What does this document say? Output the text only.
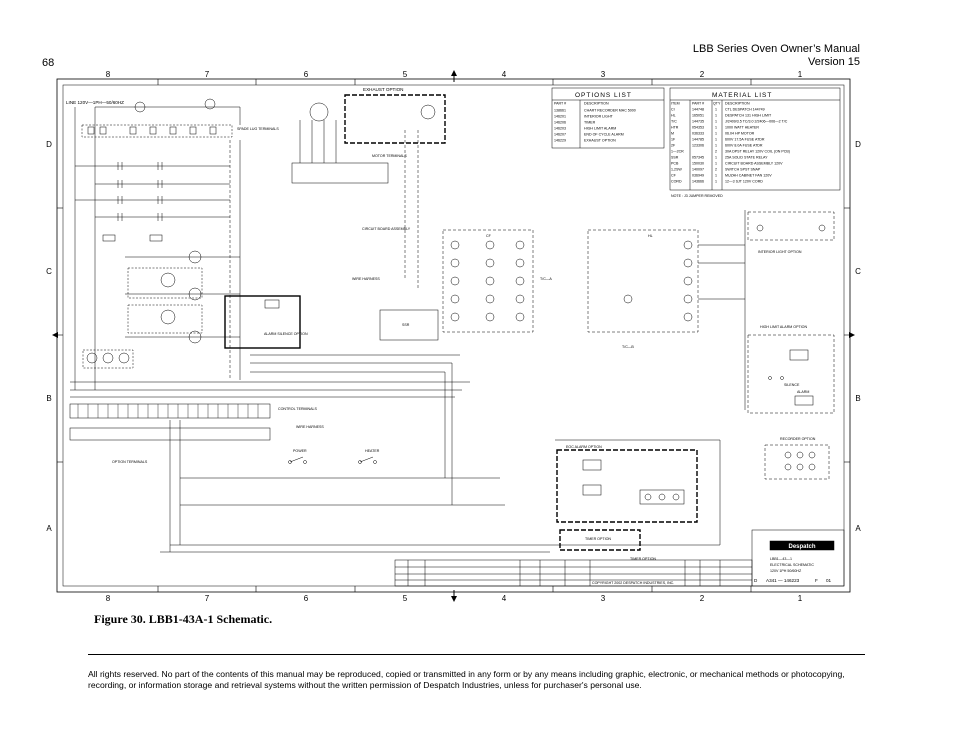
LBB Series Oven Owner’s Manual
Version 15
68
8	7	6	5	4	3	2	1
8	7	6	5	4	3	2	1
D
C
B
A
D
C
B
A
LINE 120V—1PH—50/60HZ
SPADE LUG TERMINALS
CONTROL TERMINALS
OPTION TERMINALS
WIRE HARNESS
POWER	HEATER
ALARM SILENCE OPTION
EXHAUST OPTION
MOTOR TERMINALS
CIRCUIT BOARD ASSEMBLY
WIRE HARNESS
SSR
CF
T/C—A
HL
T/C—B
OPTIONS LIST
PART #	DESCRIPTION
138661	CHART RECORDER MAC 5000
146201	INTERIOR LIGHT
146206	TIMER
146203	HIGH LIMIT ALARM
146207	END OF CYCLE ALARM
146229	EXHAUST OPTION
MATERIAL LIST
ITEM	PART # QTY DESCRIPTION
CI	144748	1 CTL DESPATCH 144749
HL	165051	1 DESPATCH 131 HIGH LIMIT
T/C	144735	1 J/2409/3.5 TC/3.0 2/2406—006—2 T/C
HTR	054353	1 1000 WATT HEATER
M	036333	1 06.04 HP MOTOR
1F	144785	1 600V 17.5A FUSE ATDR
2F	123306	1 600V 8.0A FUSE ATDR
1—2CR	2 30A DPST RELAY 120V COIL (ON PCB)
SSR	057345	1 25A SOLID STATE RELAY
PCB	150030	1 CIRCUIT BOARD ASSEMBLY 120V
1,2SW	140097	2 SWITCH SPST SNAP
CF	036949	1 MUZAH CABINET FAN 120V
CORD	143666	1 12—3 SJT 120V CORD
NOTE : J3 JUMPER REMOVED
INTERIOR LIGHT OPTION
HIGH LIMIT ALARM OPTION
SILENCE
ALARM
EOC ALARM OPTION
TIMER OPTION
TIMER OPTION
RECORDER OPTION
Despatch
LBB1—43—1
ELECTRICAL SCHEMATIC
120V 1PH 50/60HZ
D A341 — 146223	F 01
COPYRIGHT 2002 DESPATCH INDUSTRIES, INC.
Figure 30. LBB1-43A-1 Schematic.
All rights reserved. No part of the contents of this manual may be reproduced, copied or transmitted in any form or by any means including graphic, electronic, or mechanical methods or photocopying, recording, or information storage and retrieval systems without the written permission of Despatch Industries, unless for purchaser's personal use.
